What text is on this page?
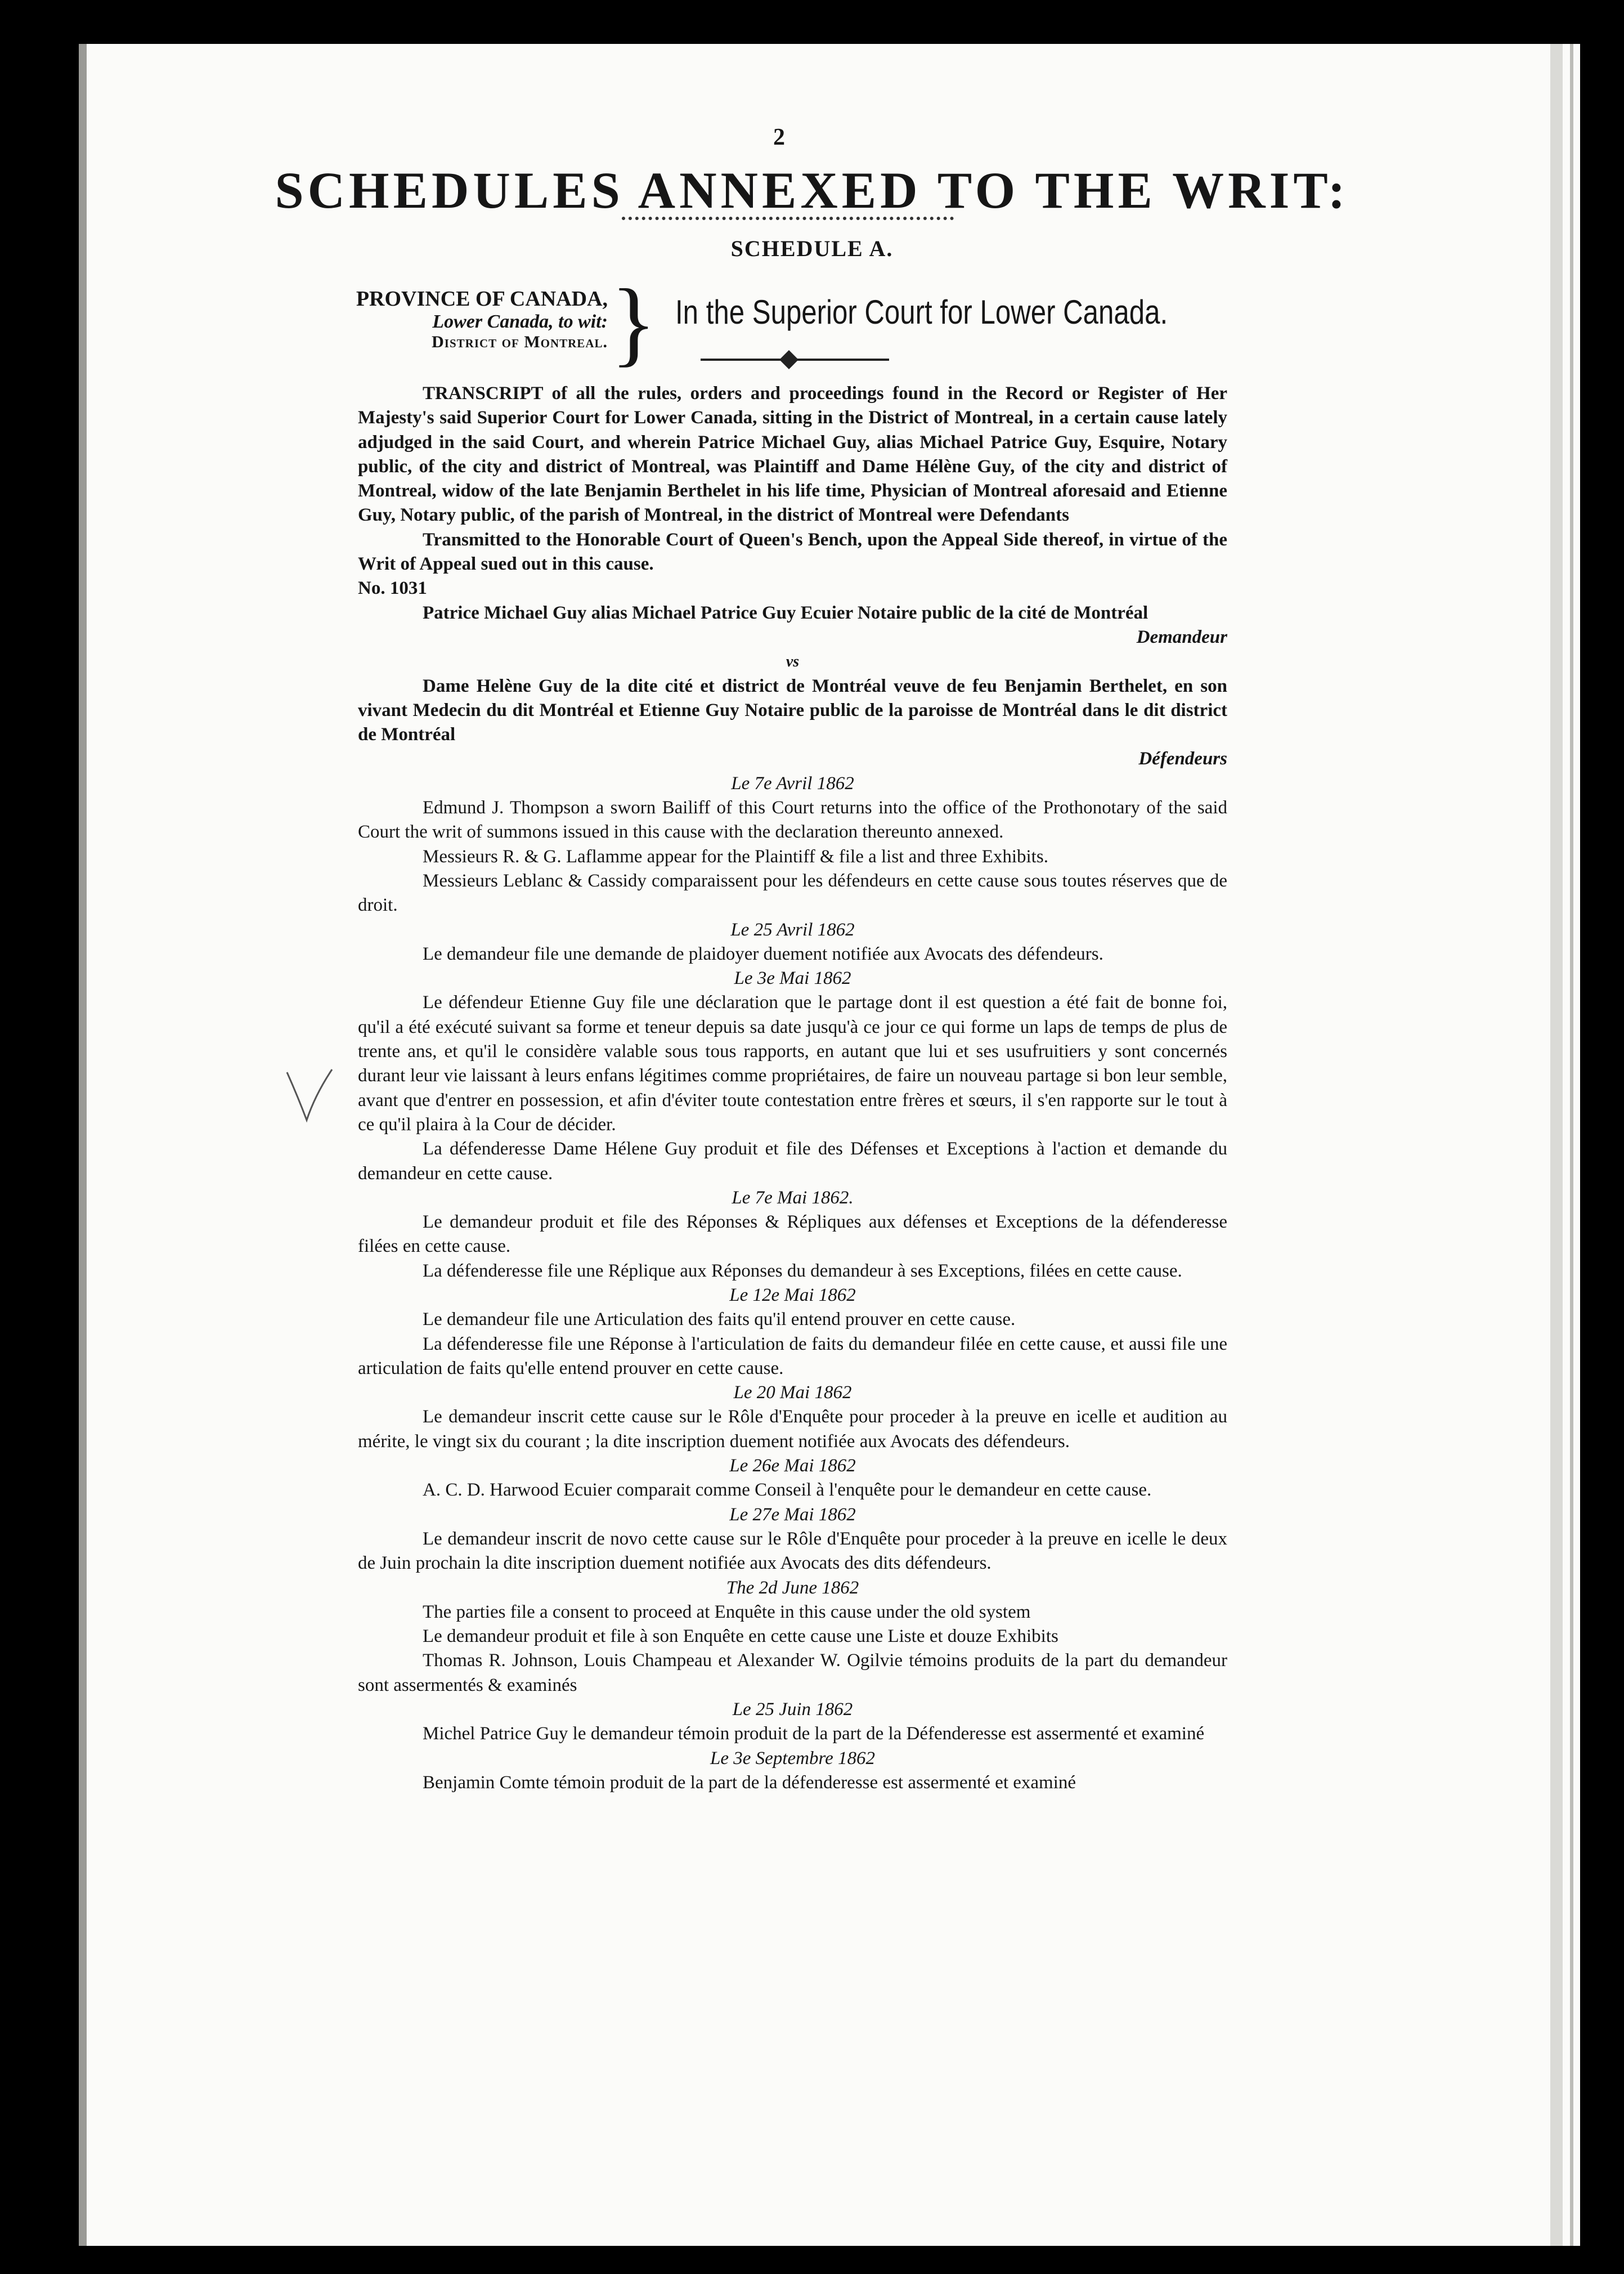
2
SCHEDULES ANNEXED TO THE WRIT:
SCHEDULE A.
PROVINCE OF CANADA,
Lower Canada, to wit:
District of Montreal. } In the Superior Court for Lower Canada.

TRANSCRIPT of all the rules, orders and proceedings found in the Record or Register of Her Majesty's said Superior Court for Lower Canada, sitting in the District of Montreal, in a certain cause lately adjudged in the said Court, and wherein Patrice Michael Guy, alias Michael Patrice Guy, Esquire, Notary public, of the city and district of Montreal, was Plaintiff and Dame Hélène Guy, of the city and district of Montreal, widow of the late Benjamin Berthelet in his life time, Physician of Montreal aforesaid and Etienne Guy, Notary public, of the parish of Montreal, in the district of Montreal were Defendants

Transmitted to the Honorable Court of Queen's Bench, upon the Appeal Side thereof, in virtue of the Writ of Appeal sued out in this cause.

No. 1031

Patrice Michael Guy alias Michael Patrice Guy Ecuier Notaire public de la cité de Montréal

Demandeur

vs

Dame Helène Guy de la dite cité et district de Montréal veuve de feu Benjamin Berthelet, en son vivant Medecin du dit Montréal et Etienne Guy Notaire public de la paroisse de Montréal dans le dit district de Montréal

Défendeurs

Le 7e Avril 1862

Edmund J. Thompson a sworn Bailiff of this Court returns into the office of the Prothonotary of the said Court the writ of summons issued in this cause with the declaration thereunto annexed.

Messieurs R. & G. Laflamme appear for the Plaintiff & file a list and three Exhibits.

Messieurs Leblanc & Cassidy comparaissent pour les défendeurs en cette cause sous toutes réserves que de droit.

Le 25 Avril 1862

Le demandeur file une demande de plaidoyer duement notifiée aux Avocats des défendeurs.

Le 3e Mai 1862

Le défendeur Etienne Guy file une déclaration que le partage dont il est question a été fait de bonne foi, qu'il a été exécuté suivant sa forme et teneur depuis sa date jusqu'à ce jour ce qui forme un laps de temps de plus de trente ans, et qu'il le considère valable sous tous rapports, en autant que lui et ses usufruitiers y sont concernés durant leur vie laissant à leurs enfans légitimes comme propriétaires, de faire un nouveau partage si bon leur semble, avant que d'entrer en possession, et afin d'éviter toute contestation entre frères et sœurs, il s'en rapporte sur le tout à ce qu'il plaira à la Cour de décider.

La défenderesse Dame Hélene Guy produit et file des Défenses et Exceptions à l'action et demande du demandeur en cette cause.

Le 7e Mai 1862.

Le demandeur produit et file des Réponses & Répliques aux défenses et Exceptions de la défenderesse filées en cette cause.

La défenderesse file une Réplique aux Réponses du demandeur à ses Exceptions, filées en cette cause.

Le 12e Mai 1862

Le demandeur file une Articulation des faits qu'il entend prouver en cette cause.

La défenderesse file une Réponse à l'articulation de faits du demandeur filée en cette cause, et aussi file une articulation de faits qu'elle entend prouver en cette cause.

Le 20 Mai 1862

Le demandeur inscrit cette cause sur le Rôle d'Enquête pour proceder à la preuve en icelle et audition au mérite, le vingt six du courant ; la dite inscription duement notifiée aux Avocats des défendeurs.

Le 26e Mai 1862

A. C. D. Harwood Ecuier comparait comme Conseil à l'enquête pour le demandeur en cette cause.

Le 27e Mai 1862

Le demandeur inscrit de novo cette cause sur le Rôle d'Enquête pour proceder à la preuve en icelle le deux de Juin prochain la dite inscription duement notifiée aux Avocats des dits défendeurs.

The 2d June 1862

The parties file a consent to proceed at Enquête in this cause under the old system

Le demandeur produit et file à son Enquête en cette cause une Liste et douze Exhibits

Thomas R. Johnson, Louis Champeau et Alexander W. Ogilvie témoins produits de la part du demandeur sont assermentés & examinés

Le 25 Juin 1862

Michel Patrice Guy le demandeur témoin produit de la part de la Défenderesse est assermenté et examiné

Le 3e Septembre 1862

Benjamin Comte témoin produit de la part de la défenderesse est assermenté et examiné
